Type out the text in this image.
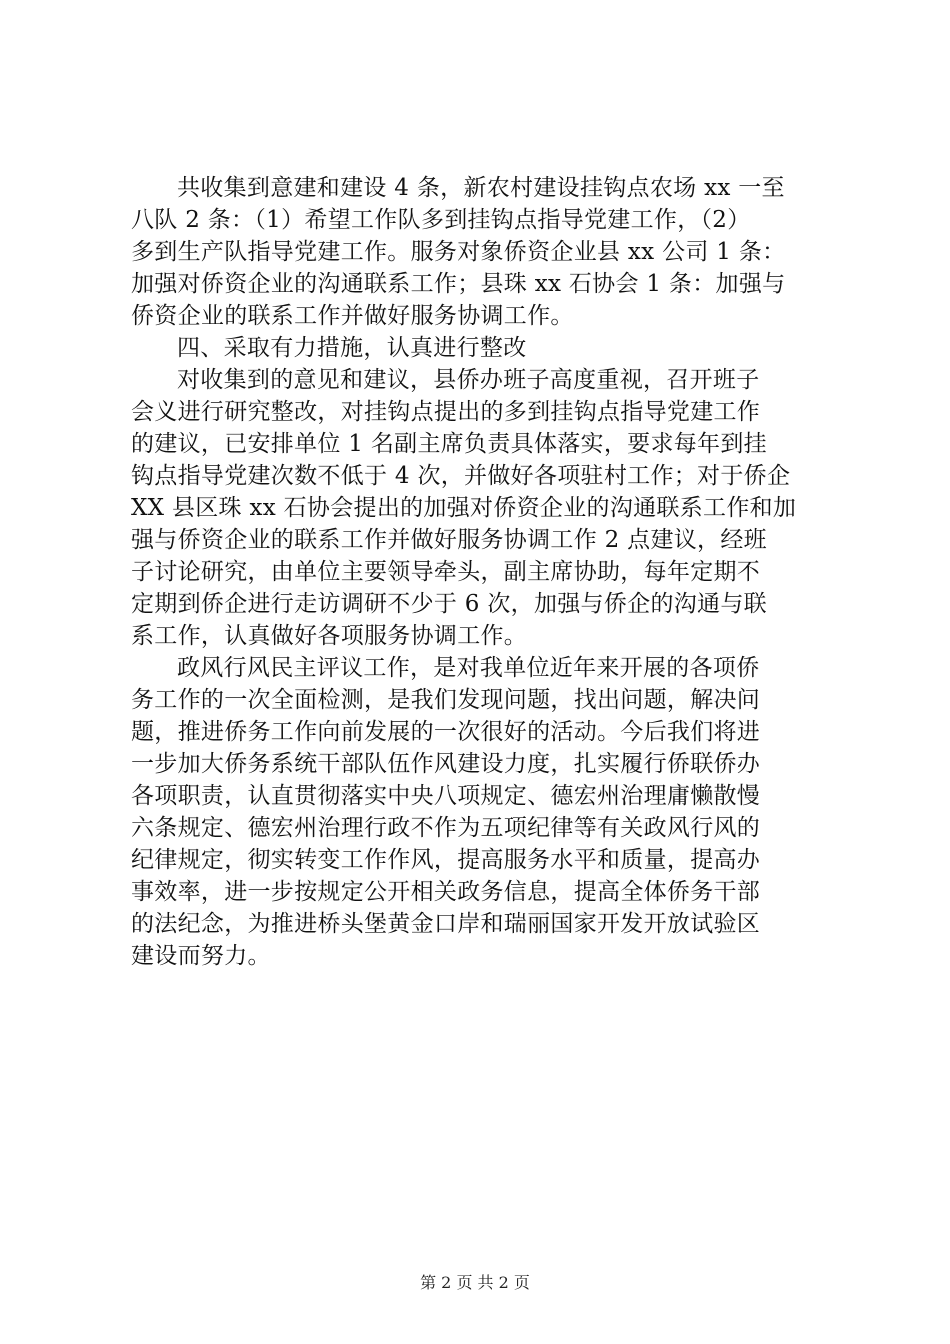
共收集到意建和建设 4 条，新农村建设挂钩点农场 xx 一至
八队 2 条：（1）希望工作队多到挂钩点指导党建工作，（2）
多到生产队指导党建工作。服务对象侨资企业县 xx 公司 1 条：
加强对侨资企业的沟通联系工作；县珠 xx 石协会 1 条：加强与
侨资企业的联系工作并做好服务协调工作。
四、采取有力措施，认真进行整改
对收集到的意见和建议，县侨办班子高度重视，召开班子
会义进行研究整改，对挂钩点提出的多到挂钩点指导党建工作
的建议，已安排单位 1 名副主席负责具体落实，要求每年到挂
钩点指导党建次数不低于 4 次，并做好各项驻村工作；对于侨企
XX 县区珠 xx 石协会提出的加强对侨资企业的沟通联系工作和加
强与侨资企业的联系工作并做好服务协调工作 2 点建议，经班
子讨论研究，由单位主要领导牵头，副主席协助，每年定期不
定期到侨企进行走访调研不少于 6 次，加强与侨企的沟通与联
系工作，认真做好各项服务协调工作。
政风行风民主评议工作，是对我单位近年来开展的各项侨
务工作的一次全面检测，是我们发现问题，找出问题，解决问
题，推进侨务工作向前发展的一次很好的活动。今后我们将进
一步加大侨务系统干部队伍作风建设力度，扎实履行侨联侨办
各项职责，认直贯彻落实中央八项规定、德宏州治理庸懒散慢
六条规定、德宏州治理行政不作为五项纪律等有关政风行风的
纪律规定，彻实转变工作作风，提高服务水平和质量，提高办
事效率，进一步按规定公开相关政务信息，提高全体侨务干部
的法纪念，为推进桥头堡黄金口岸和瑞丽国家开发开放试验区
建设而努力。
第 2 页 共 2 页
